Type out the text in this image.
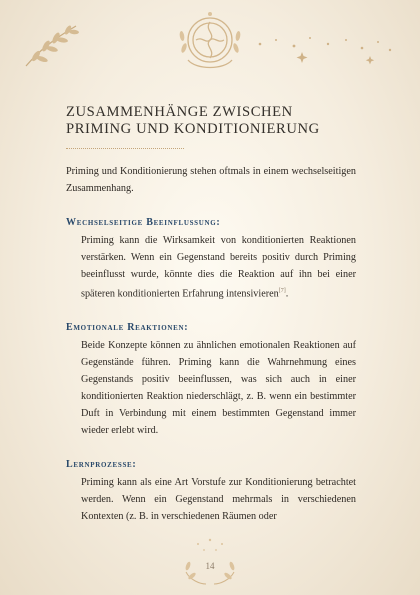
ZUSAMMENHÄNGE ZWISCHEN
PRIMING UND KONDITIONIERUNG

Priming und Konditionierung stehen oftmals in einem wechselseitigen Zusammenhang.

Wechselseitige Beeinflussung:

Priming kann die Wirksamkeit von konditionierten Reaktionen verstärken. Wenn ein Gegenstand bereits positiv durch Priming beeinflusst wurde, könnte dies die Reaktion auf ihn bei einer späteren konditionierten Erfahrung intensivieren[7].

Emotionale Reaktionen:

Beide Konzepte können zu ähnlichen emotionalen Reaktionen auf Gegenstände führen. Priming kann die Wahrnehmung eines Gegenstands positiv beeinflussen, was sich auch in einer konditionierten Reaktion niederschlägt, z. B. wenn ein bestimmter Duft in Verbindung mit einem bestimmten Gegenstand immer wieder erlebt wird.

Lernprozesse:

Priming kann als eine Art Vorstufe zur Konditionierung betrachtet werden. Wenn ein Gegenstand mehrmals in verschiedenen Kontexten (z. B. in verschiedenen Räumen oder

14
